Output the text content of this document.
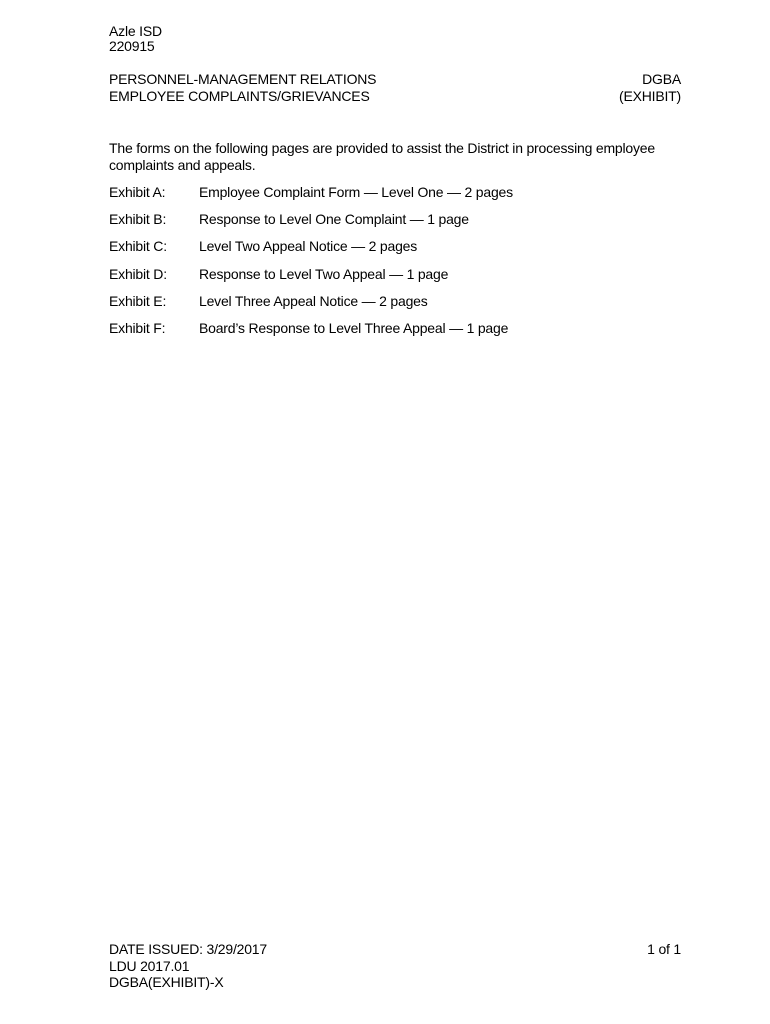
Azle ISD
220915
PERSONNEL-MANAGEMENT RELATIONS
EMPLOYEE COMPLAINTS/GRIEVANCES
DGBA
(EXHIBIT)
The forms on the following pages are provided to assist the District in processing employee complaints and appeals.
Exhibit A:	Employee Complaint Form — Level One — 2 pages
Exhibit B:	Response to Level One Complaint — 1 page
Exhibit C:	Level Two Appeal Notice — 2 pages
Exhibit D:	Response to Level Two Appeal — 1 page
Exhibit E:	Level Three Appeal Notice — 2 pages
Exhibit F:	Board’s Response to Level Three Appeal — 1 page
DATE ISSUED: 3/29/2017
LDU 2017.01
DGBA(EXHIBIT)-X
1 of 1
